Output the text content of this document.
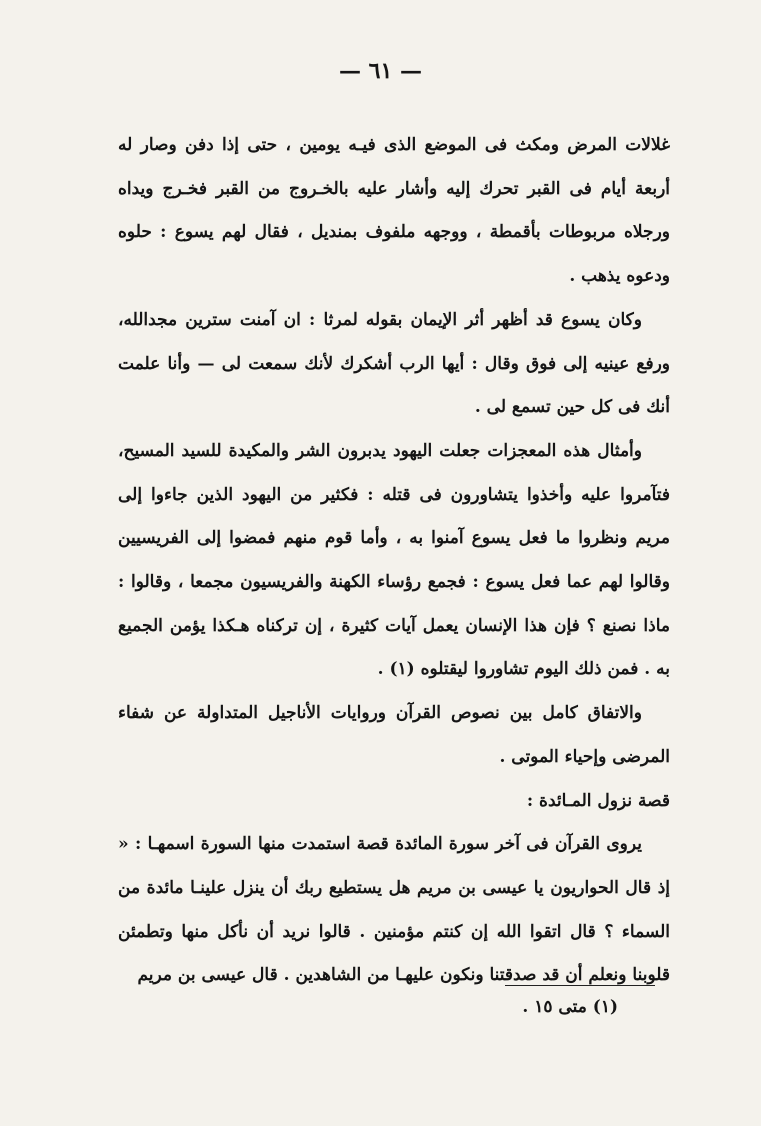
— ٦١ —

غلالات المرض ومكث فى الموضع الذى فيـه يومين ، حتى إذا دفن وصار له أربعة أيام فى القبر تحرك إليه وأشار عليه بالخـروج من القبر فخـرج ويداه ورجلاه مربوطات بأقمطة ، ووجهه ملفوف بمنديل ، فقال لهم يسوع : حلوه ودعوه يذهب .

وكان يسوع قد أظهر أثر الإيمان بقوله لمرثا : ان آمنت سترين مجدالله، ورفع عينيه إلى فوق وقال : أيها الرب أشكرك لأنك سمعت لى — وأنا علمت أنك فى كل حين تسمع لى .

وأمثال هذه المعجزات جعلت اليهود يدبرون الشر والمكيدة للسيد المسيح، فتآمروا عليه وأخذوا يتشاورون فى قتله : فكثير من اليهود الذين جاءوا إلى مريم ونظروا ما فعل يسوع آمنوا به ، وأما قوم منهم فمضوا إلى الفريسيين وقالوا لهم عما فعل يسوع : فجمع رؤساء الكهنة والفريسيون مجمعا ، وقالوا : ماذا نصنع ؟ فإن هذا الإنسان يعمل آيات كثيرة ، إن تركناه هـكذا يؤمن الجميع به . فمن ذلك اليوم تشاوروا ليقتلوه (١) .

والاتفاق كامل بين نصوص القرآن وروايات الأناجيل المتداولة عن شفاء المرضى وإحياء الموتى .

قصة نزول المـائدة :

يروى القرآن فى آخر سورة المائدة قصة استمدت منها السورة اسمهـا : « إذ قال الحواريون يا عيسى بن مريم هل يستطيع ربك أن ينزل علينـا مائدة من السماء ؟ قال اتقوا الله إن كنتم مؤمنين . قالوا نريد أن نأكل منها وتطمئن قلوبنا ونعلم أن قد صدقتنا ونكون عليهـا من الشاهدين . قال عيسى بن مريم

(١) متى ١٥ .
